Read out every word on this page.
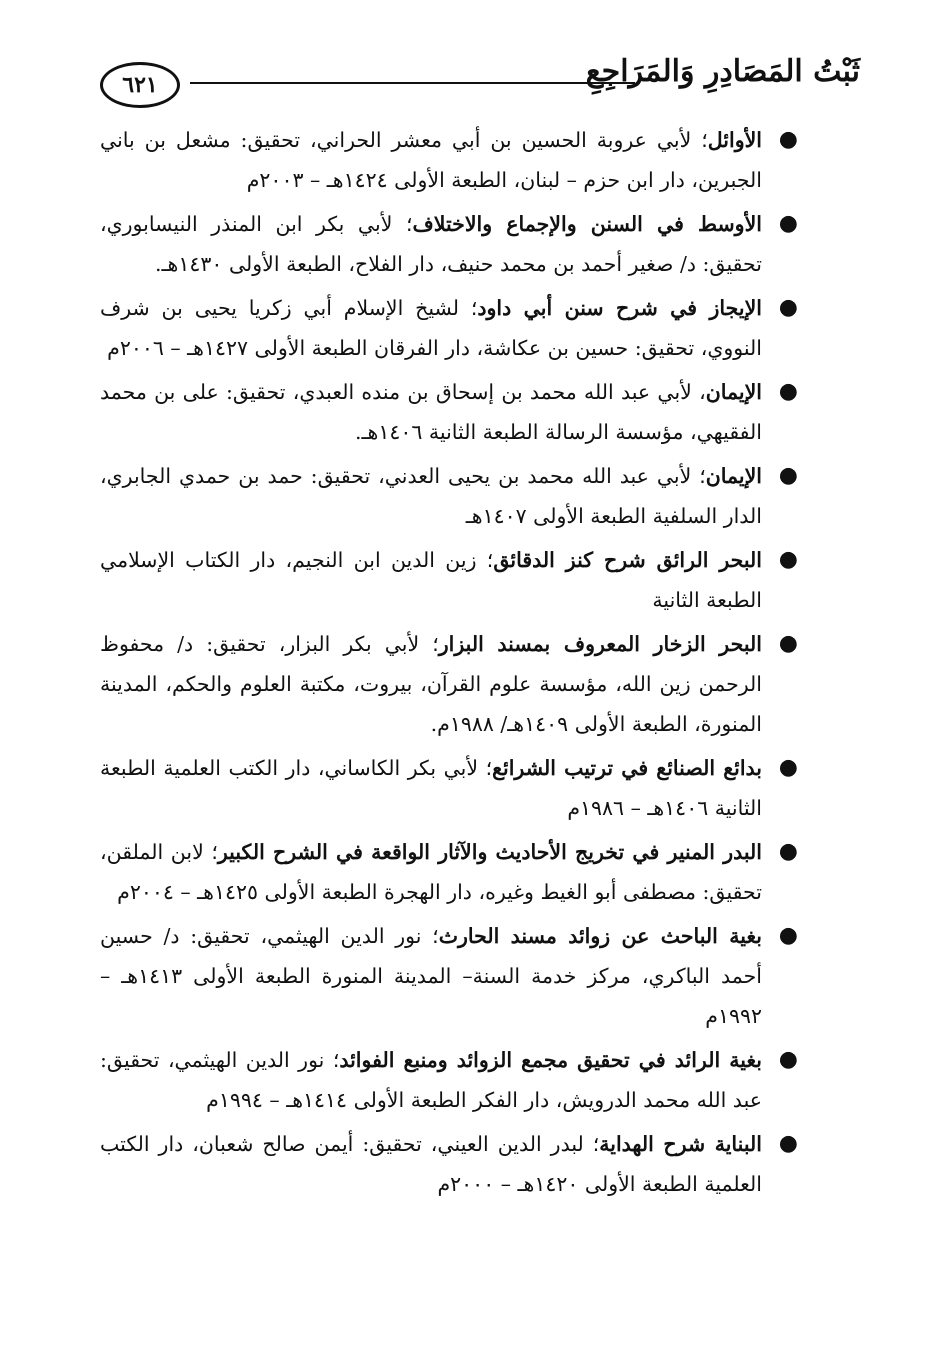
ثَبْتُ المَصَادِرِ وَالمَرَاجِعِ
٦٢١
●
الأوائل؛ لأبي عروبة الحسين بن أبي معشر الحراني، تحقيق: مشعل بن باني الجبرين، دار ابن حزم – لبنان، الطبعة الأولى ١٤٢٤هـ – ٢٠٠٣م
●
الأوسط في السنن والإجماع والاختلاف؛ لأبي بكر ابن المنذر النيسابوري، تحقيق: د/ صغير أحمد بن محمد حنيف، دار الفلاح، الطبعة الأولى ١٤٣٠هـ.
●
الإيجاز في شرح سنن أبي داود؛ لشيخ الإسلام أبي زكريا يحيى بن شرف النووي، تحقيق: حسين بن عكاشة، دار الفرقان الطبعة الأولى ١٤٢٧هـ – ٢٠٠٦م
●
الإيمان، لأبي عبد الله محمد بن إسحاق بن منده العبدي، تحقيق: على بن محمد الفقيهي، مؤسسة الرسالة الطبعة الثانية ١٤٠٦هـ.
●
الإيمان؛ لأبي عبد الله محمد بن يحيى العدني، تحقيق: حمد بن حمدي الجابري، الدار السلفية الطبعة الأولى ١٤٠٧هـ
●
البحر الرائق شرح كنز الدقائق؛ زين الدين ابن النجيم، دار الكتاب الإسلامي الطبعة الثانية
●
البحر الزخار المعروف بمسند البزار؛ لأبي بكر البزار، تحقيق: د/ محفوظ الرحمن زين الله، مؤسسة علوم القرآن، بيروت، مكتبة العلوم والحكم، المدينة المنورة، الطبعة الأولى ١٤٠٩هـ/ ١٩٨٨م.
●
بدائع الصنائع في ترتيب الشرائع؛ لأبي بكر الكاساني، دار الكتب العلمية الطبعة الثانية ١٤٠٦هـ – ١٩٨٦م
●
البدر المنير في تخريج الأحاديث والآثار الواقعة في الشرح الكبير؛ لابن الملقن، تحقيق: مصطفى أبو الغيط وغيره، دار الهجرة الطبعة الأولى ١٤٢٥هـ – ٢٠٠٤م
●
بغية الباحث عن زوائد مسند الحارث؛ نور الدين الهيثمي، تحقيق: د/ حسين أحمد الباكري، مركز خدمة السنة– المدينة المنورة الطبعة الأولى ١٤١٣هـ – ١٩٩٢م
●
بغية الرائد في تحقيق مجمع الزوائد ومنبع الفوائد؛ نور الدين الهيثمي، تحقيق: عبد الله محمد الدرويش، دار الفكر الطبعة الأولى ١٤١٤هـ – ١٩٩٤م
●
البناية شرح الهداية؛ لبدر الدين العيني، تحقيق: أيمن صالح شعبان، دار الكتب العلمية الطبعة الأولى ١٤٢٠هـ – ٢٠٠٠م
